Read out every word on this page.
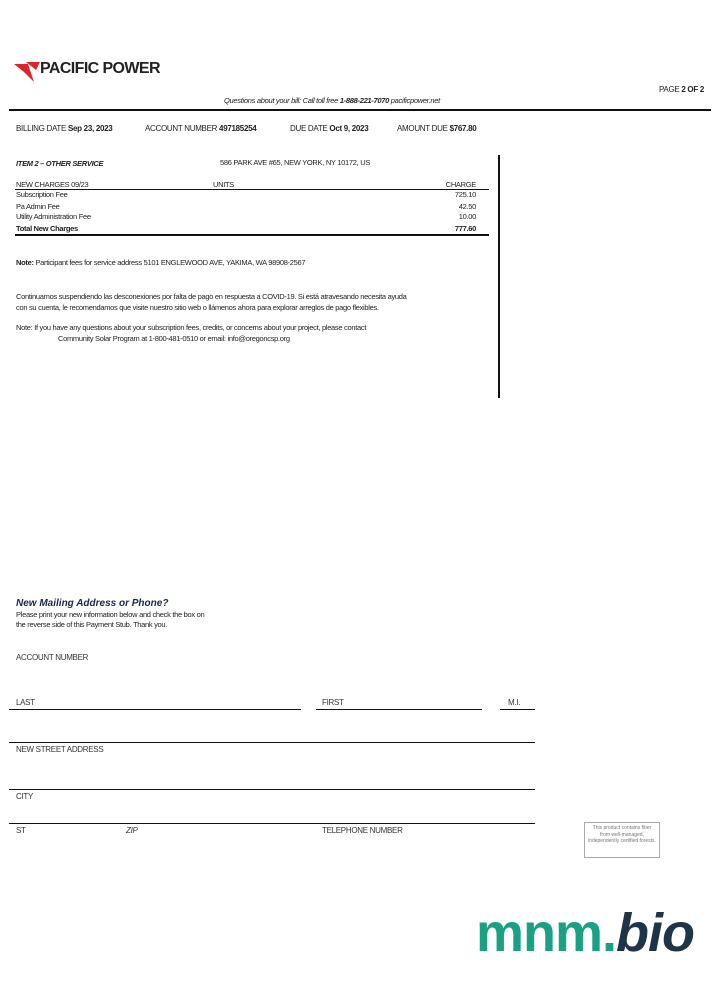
PACIFIC POWER
PAGE 2 OF 2
Questions about your bill: Call toll free 1-888-221-7070 pacificpower.net
BILLING DATE Sep 23, 2023	ACCOUNT NUMBER 497185254	DUE DATE Oct 9, 2023	AMOUNT DUE $767.80
ITEM 2 – OTHER SERVICE	586 PARK AVE #65, NEW YORK, NY 10172, US
NEW CHARGES 09/23	UNITS	CHARGE
Subscription Fee	725.10
Pa Admin Fee	42.50
Utility Administration Fee	10.00
Total New Charges	777.60
Note: Participant fees for service address 5101 ENGLEWOOD AVE, YAKIMA, WA 98908-2567
Continuamos suspendiendo las desconexiones por falta de pago en respuesta a COVID-19. Si está atravesando necesita ayuda
con su cuenta, le recomendamos que visite nuestro sitio web o llámenos ahora para explorar arreglos de pago flexibles.
Note: If you have any questions about your subscription fees, credits, or concerns about your project, please contact
Community Solar Program at 1-800-481-0510 or email: info@oregoncsp.org
New Mailing Address or Phone?
Please print your new information below and check the box on
the reverse side of this Payment Stub. Thank you.
ACCOUNT NUMBER
LAST	FIRST	M.I.
NEW STREET ADDRESS
CITY
ST	ZIP	TELEPHONE NUMBER	This product contains fiber from well-managed, independently certified forests.
mnm.bio
